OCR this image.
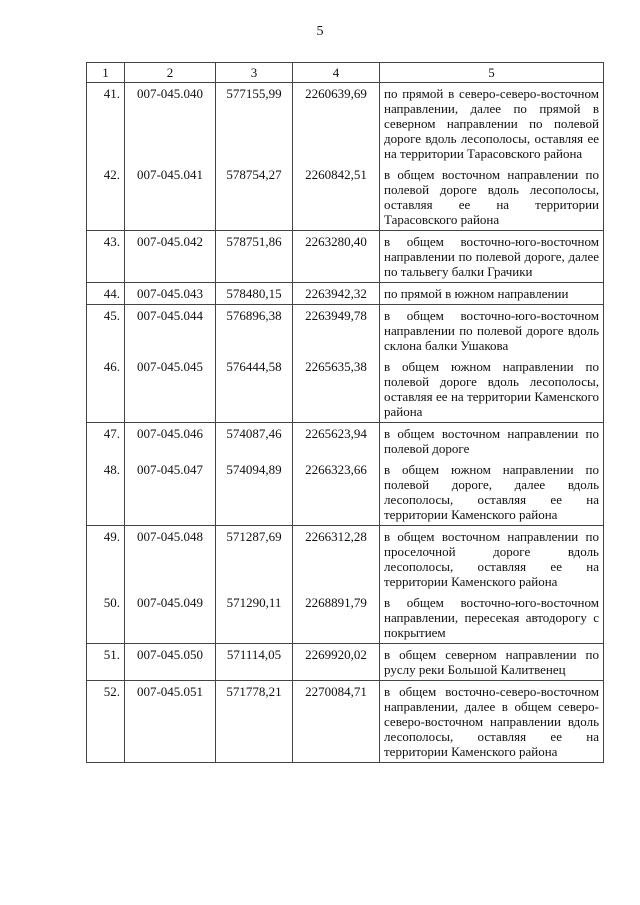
5
1	2	3	4	5
41.	007-045.040	577155,99	2260639,69	по прямой в северо-северо-восточном направлении, далее по прямой в северном направлении по полевой дороге вдоль лесополосы, оставляя ее на территории Тарасовского района
42.	007-045.041	578754,27	2260842,51	в общем восточном направлении по полевой дороге вдоль лесополосы, оставляя ее на территории Тарасовского района
43.	007-045.042	578751,86	2263280,40	в общем восточно-юго-восточном направлении по полевой дороге, далее по тальвегу балки Грачики
44.	007-045.043	578480,15	2263942,32	по прямой в южном направлении
45.	007-045.044	576896,38	2263949,78	в общем восточно-юго-восточном направлении по полевой дороге вдоль склона балки Ушакова
46.	007-045.045	576444,58	2265635,38	в общем южном направлении по полевой дороге вдоль лесополосы, оставляя ее на территории Каменского района
47.	007-045.046	574087,46	2265623,94	в общем восточном направлении по полевой дороге
48.	007-045.047	574094,89	2266323,66	в общем южном направлении по полевой дороге, далее вдоль лесополосы, оставляя ее на территории Каменского района
49.	007-045.048	571287,69	2266312,28	в общем восточном направлении по проселочной дороге вдоль лесополосы, оставляя ее на территории Каменского района
50.	007-045.049	571290,11	2268891,79	в общем восточно-юго-восточном направлении, пересекая автодорогу с покрытием
51.	007-045.050	571114,05	2269920,02	в общем северном направлении по руслу реки Большой Калитвенец
52.	007-045.051	571778,21	2270084,71	в общем восточно-северо-восточном направлении, далее в общем северо-северо-восточном направлении вдоль лесополосы, оставляя ее на территории Каменского района
